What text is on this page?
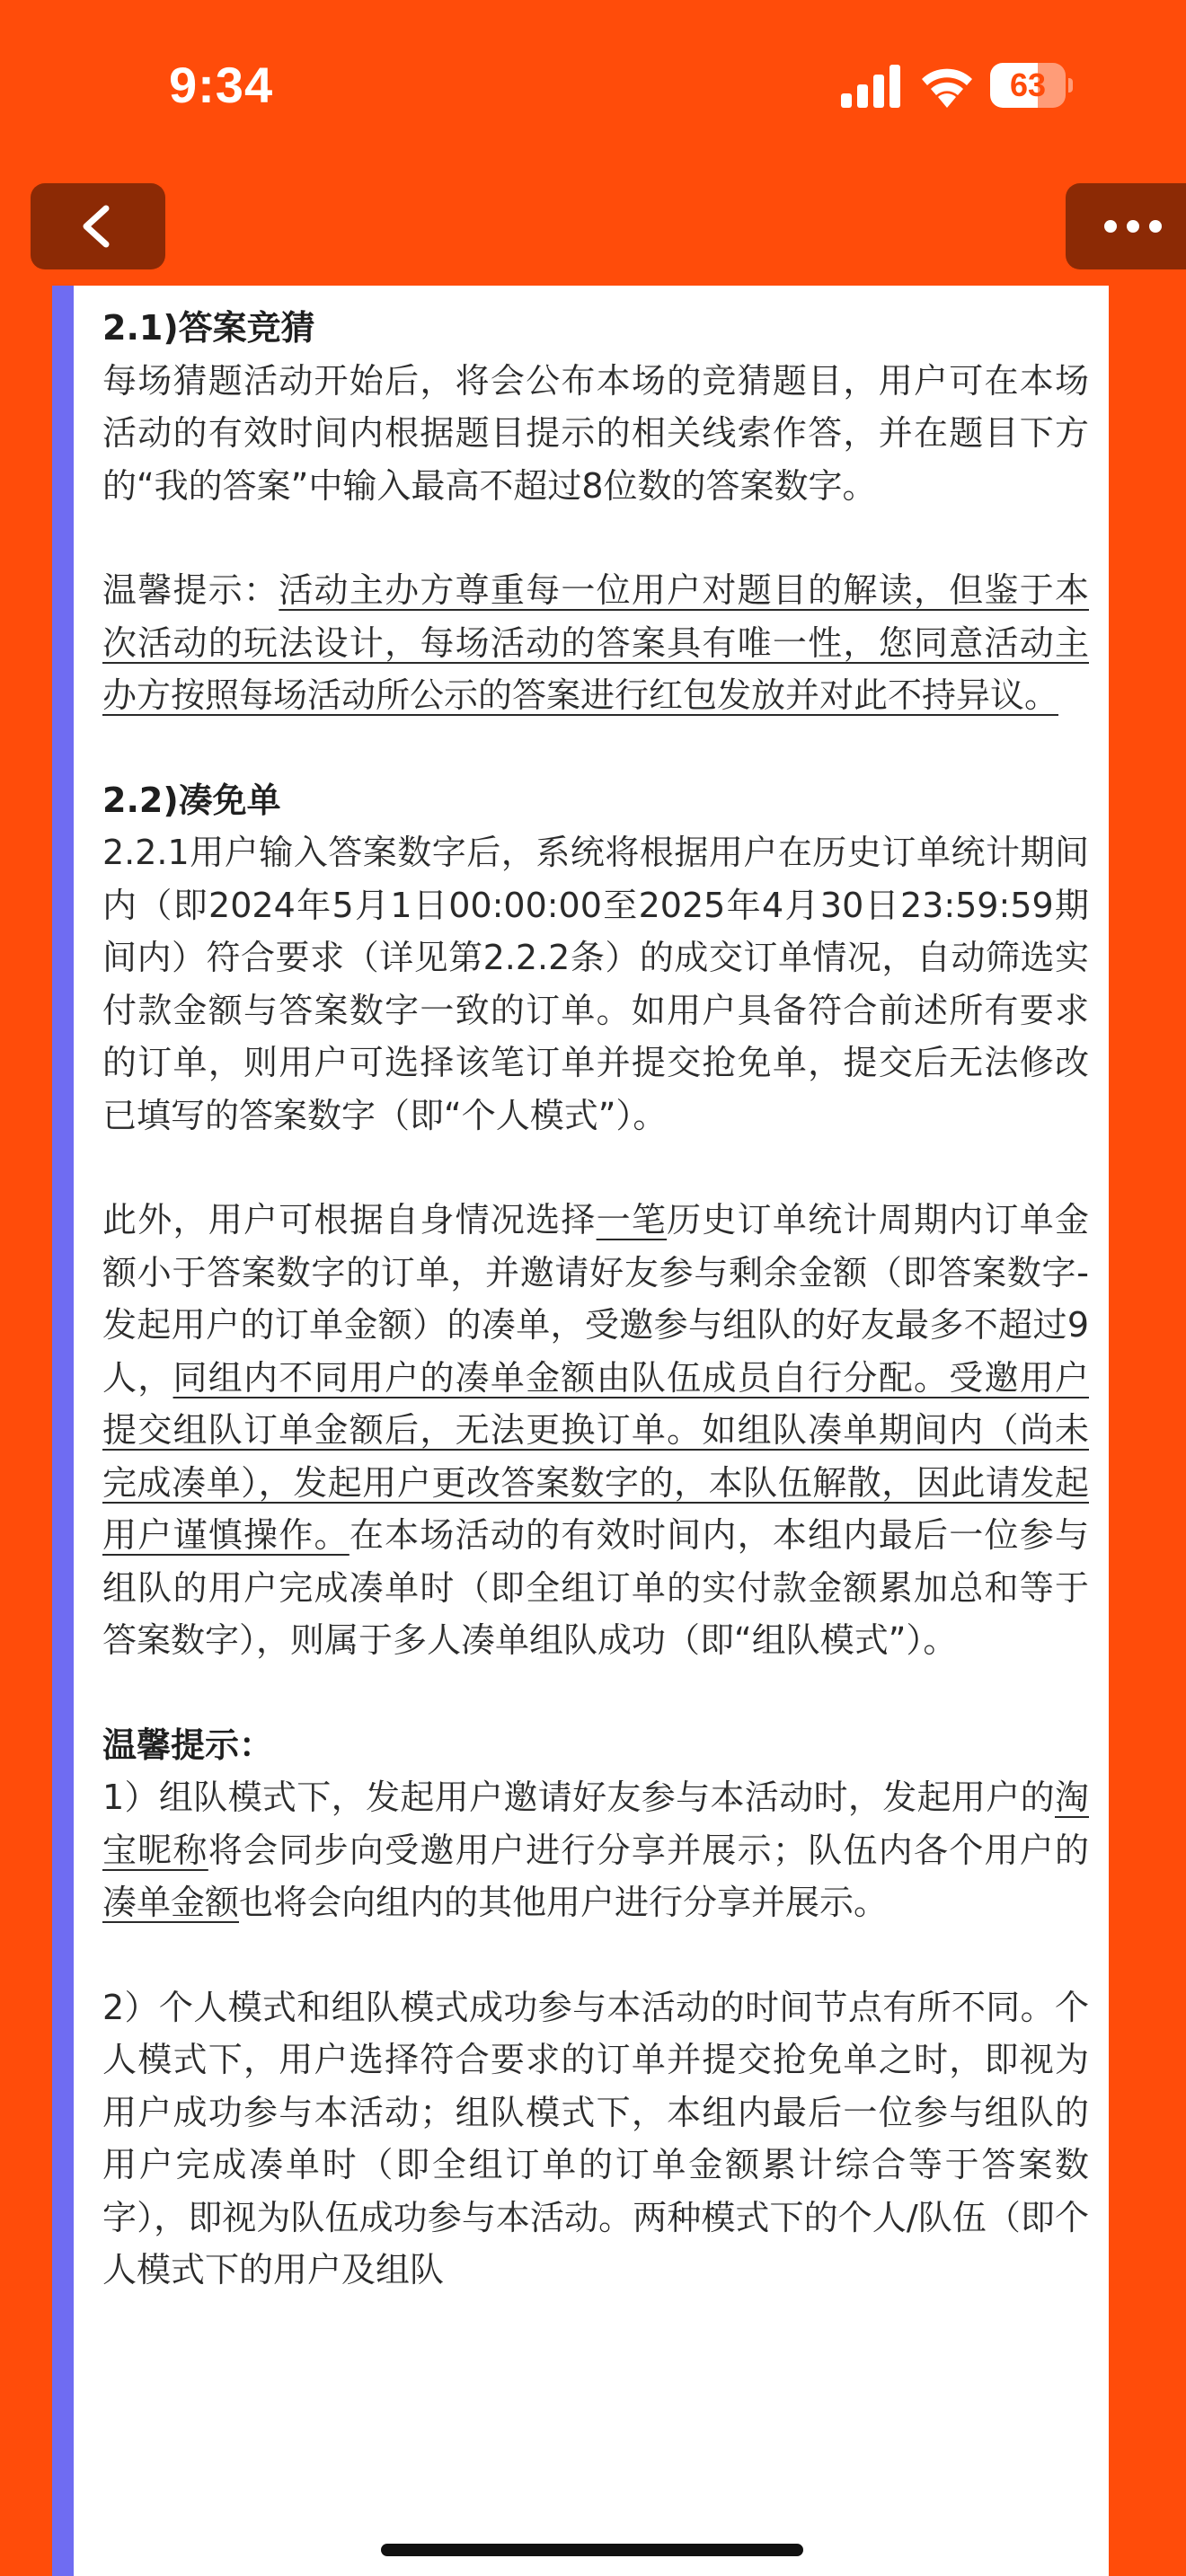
9:34	63
2.1)答案竞猜

每场猜题活动开始后，将会公布本场的竞猜题目，用户可在本场活动的有效时间内根据题目提示的相关线索作答，并在题目下方的“我的答案”中输入最高不超过8位数的答案数字。

温馨提示：活动主办方尊重每一位用户对题目的解读，但鉴于本次活动的玩法设计，每场活动的答案具有唯一性，您同意活动主办方按照每场活动所公示的答案进行红包发放并对此不持异议。

2.2)凑免单

2.2.1用户输入答案数字后，系统将根据用户在历史订单统计期间内（即2024年5月1日00:00:00至2025年4月30日23:59:59期间内）符合要求（详见第2.2.2条）的成交订单情况，自动筛选实付款金额与答案数字一致的订单。如用户具备符合前述所有要求的订单，则用户可选择该笔订单并提交抢免单，提交后无法修改已填写的答案数字（即“个人模式”）。

此外，用户可根据自身情况选择一笔历史订单统计周期内订单金额小于答案数字的订单，并邀请好友参与剩余金额（即答案数字-发起用户的订单金额）的凑单，受邀参与组队的好友最多不超过9人，同组内不同用户的凑单金额由队伍成员自行分配。受邀用户提交组队订单金额后，无法更换订单。如组队凑单期间内（尚未完成凑单），发起用户更改答案数字的，本队伍解散，因此请发起用户谨慎操作。在本场活动的有效时间内，本组内最后一位参与组队的用户完成凑单时（即全组订单的实付款金额累加总和等于答案数字），则属于多人凑单组队成功（即“组队模式”）。

温馨提示：

1）组队模式下，发起用户邀请好友参与本活动时，发起用户的淘宝昵称将会同步向受邀用户进行分享并展示；队伍内各个用户的凑单金额也将会向组内的其他用户进行分享并展示。

2）个人模式和组队模式成功参与本活动的时间节点有所不同。个人模式下，用户选择符合要求的订单并提交抢免单之时，即视为用户成功参与本活动；组队模式下，本组内最后一位参与组队的用户完成凑单时（即全组订单的订单金额累计综合等于答案数字），即视为队伍成功参与本活动。两种模式下的个人/队伍（即个人模式下的用户及组队
